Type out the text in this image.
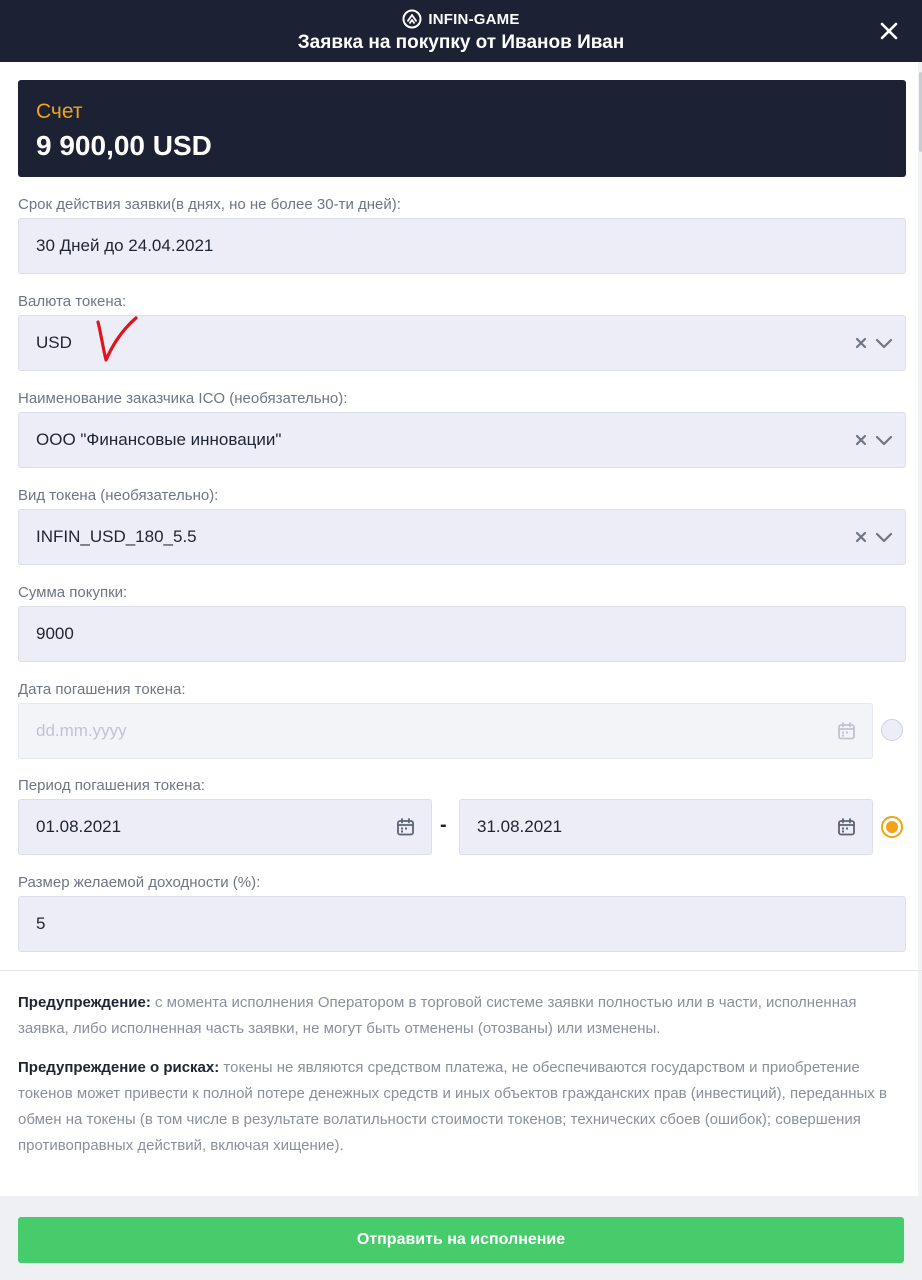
INFIN-GAME
Заявка на покупку от Иванов Иван
Счет
9 900,00 USD
Срок действия заявки(в днях, но не более 30-ти дней):
30 Дней до 24.04.2021
Валюта токена:
USD
Наименование заказчика ICO (необязательно):
ООО "Финансовые инновации"
Вид токена (необязательно):
INFIN_USD_180_5.5
Сумма покупки:
9000
Дата погашения токена:
dd.mm.yyyy
Период погашения токена:
01.08.2021	- 31.08.2021
Размер желаемой доходности (%):
5
Предупреждение: с момента исполнения Оператором в торговой системе заявки полностью или в части, исполненная заявка, либо исполненная часть заявки, не могут быть отменены (отозваны) или изменены.
Предупреждение о рисках: токены не являются средством платежа, не обеспечиваются государством и приобретение токенов может привести к полной потере денежных средств и иных объектов гражданских прав (инвестиций), переданных в обмен на токены (в том числе в результате волатильности стоимости токенов; технических сбоев (ошибок); совершения противоправных действий, включая хищение).
Отправить на исполнение
